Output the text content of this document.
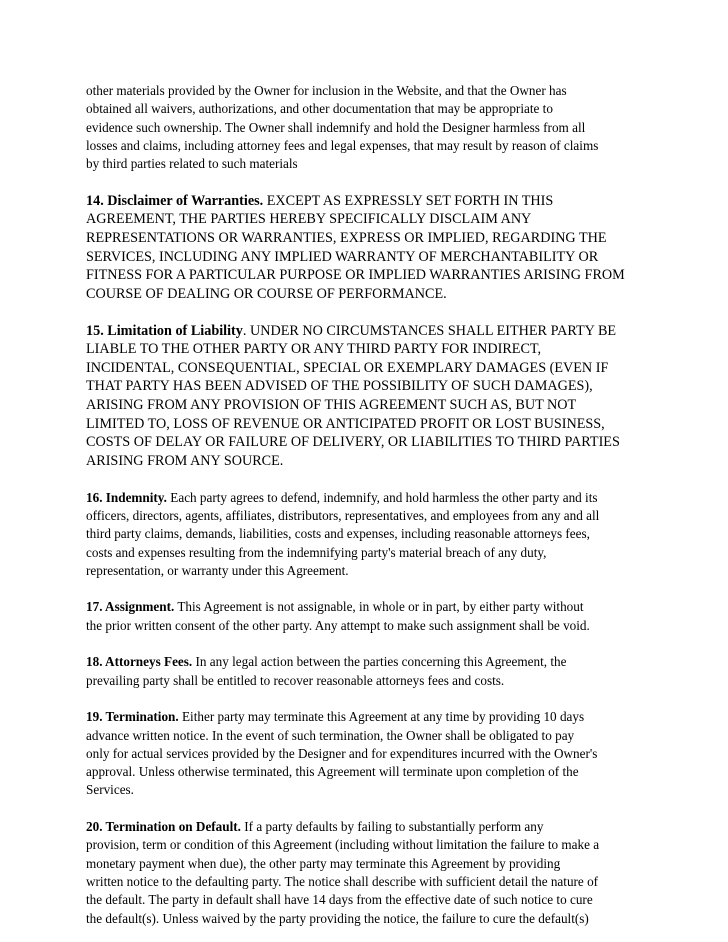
other materials provided by the Owner for inclusion in the Website, and that the Owner has
obtained all waivers, authorizations, and other documentation that may be appropriate to
evidence such ownership. The Owner shall indemnify and hold the Designer harmless from all
losses and claims, including attorney fees and legal expenses, that may result by reason of claims
by third parties related to such materials

14. Disclaimer of Warranties. EXCEPT AS EXPRESSLY SET FORTH IN THIS
AGREEMENT, THE PARTIES HEREBY SPECIFICALLY DISCLAIM ANY
REPRESENTATIONS OR WARRANTIES, EXPRESS OR IMPLIED, REGARDING THE
SERVICES, INCLUDING ANY IMPLIED WARRANTY OF MERCHANTABILITY OR
FITNESS FOR A PARTICULAR PURPOSE OR IMPLIED WARRANTIES ARISING FROM
COURSE OF DEALING OR COURSE OF PERFORMANCE.

15. Limitation of Liability. UNDER NO CIRCUMSTANCES SHALL EITHER PARTY BE
LIABLE TO THE OTHER PARTY OR ANY THIRD PARTY FOR INDIRECT,
INCIDENTAL, CONSEQUENTIAL, SPECIAL OR EXEMPLARY DAMAGES (EVEN IF
THAT PARTY HAS BEEN ADVISED OF THE POSSIBILITY OF SUCH DAMAGES),
ARISING FROM ANY PROVISION OF THIS AGREEMENT SUCH AS, BUT NOT
LIMITED TO, LOSS OF REVENUE OR ANTICIPATED PROFIT OR LOST BUSINESS,
COSTS OF DELAY OR FAILURE OF DELIVERY, OR LIABILITIES TO THIRD PARTIES
ARISING FROM ANY SOURCE.

16. Indemnity. Each party agrees to defend, indemnify, and hold harmless the other party and its
officers, directors, agents, affiliates, distributors, representatives, and employees from any and all
third party claims, demands, liabilities, costs and expenses, including reasonable attorneys fees,
costs and expenses resulting from the indemnifying party's material breach of any duty,
representation, or warranty under this Agreement.

17. Assignment. This Agreement is not assignable, in whole or in part, by either party without
the prior written consent of the other party. Any attempt to make such assignment shall be void.

18. Attorneys Fees. In any legal action between the parties concerning this Agreement, the
prevailing party shall be entitled to recover reasonable attorneys fees and costs.

19. Termination. Either party may terminate this Agreement at any time by providing 10 days
advance written notice. In the event of such termination, the Owner shall be obligated to pay
only for actual services provided by the Designer and for expenditures incurred with the Owner's
approval. Unless otherwise terminated, this Agreement will terminate upon completion of the
Services.

20. Termination on Default. If a party defaults by failing to substantially perform any
provision, term or condition of this Agreement (including without limitation the failure to make a
monetary payment when due), the other party may terminate this Agreement by providing
written notice to the defaulting party. The notice shall describe with sufficient detail the nature of
the default. The party in default shall have 14 days from the effective date of such notice to cure
the default(s). Unless waived by the party providing the notice, the failure to cure the default(s)
